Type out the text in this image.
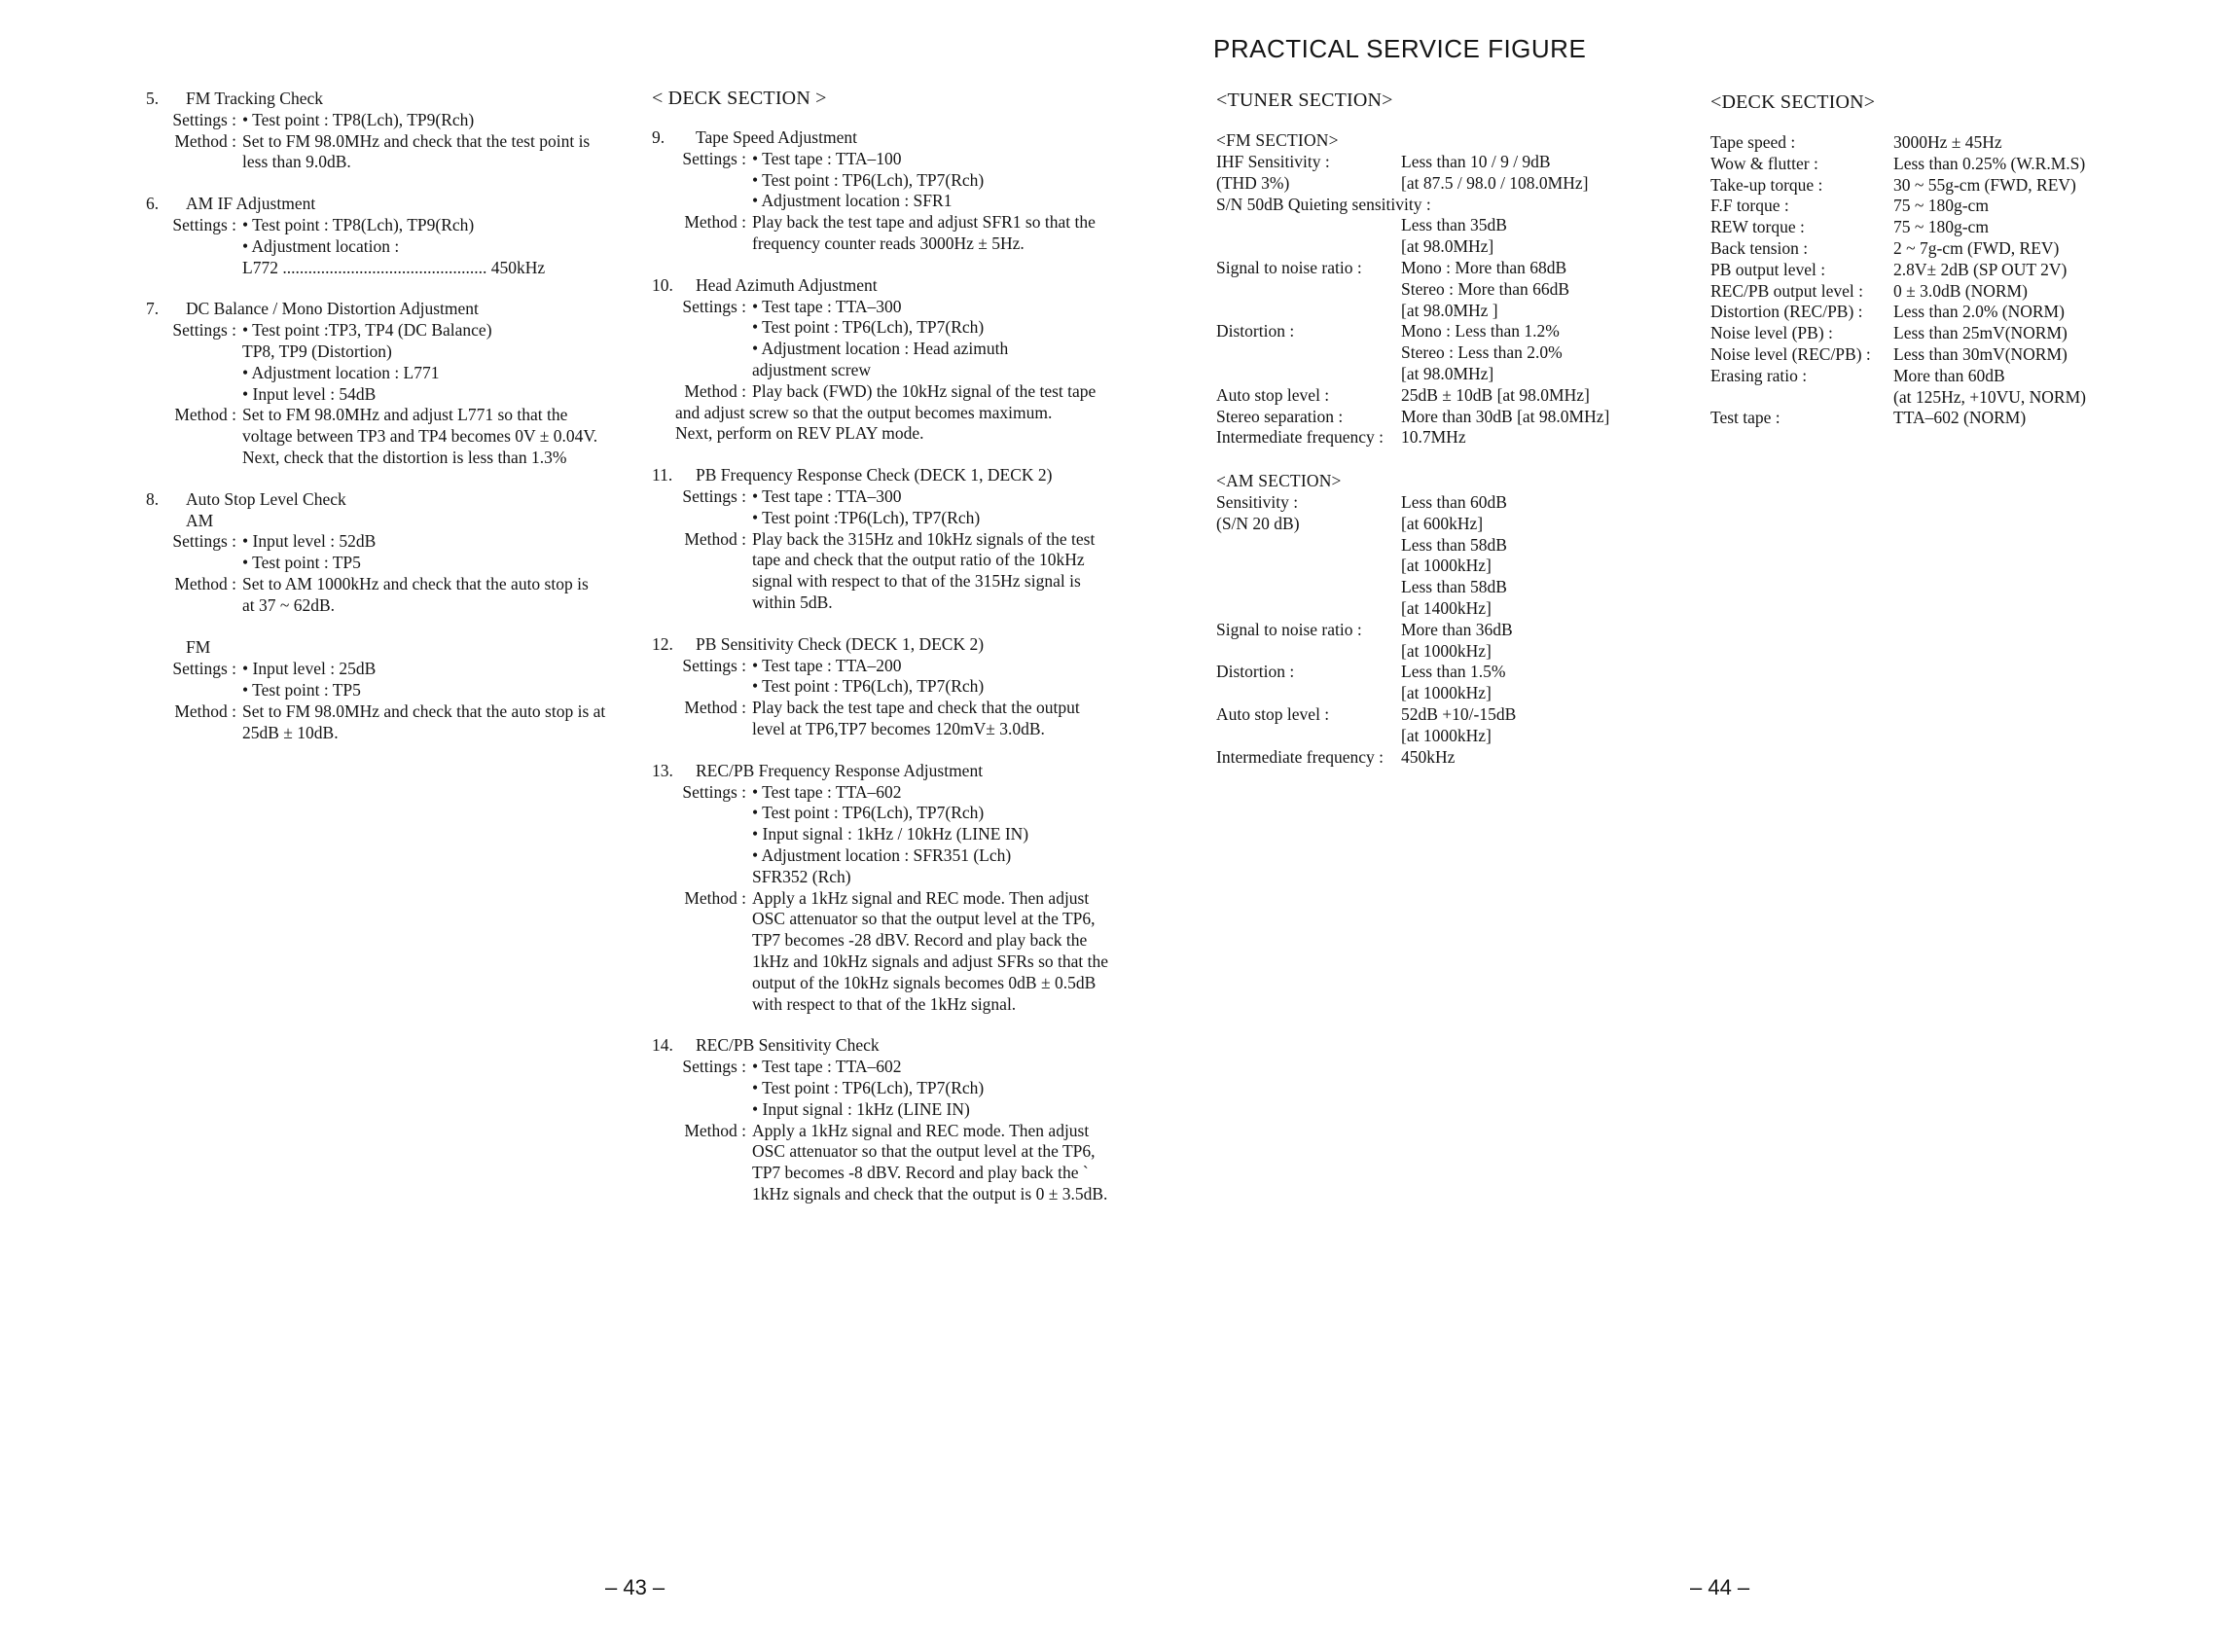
5. FM Tracking Check
Settings : • Test point : TP8(Lch), TP9(Rch)
Method : Set to FM 98.0MHz and check that the test point is
less than 9.0dB.
6. AM IF Adjustment
Settings : • Test point : TP8(Lch), TP9(Rch)
• Adjustment location :
L772 ................................................ 450kHz
7. DC Balance / Mono Distortion Adjustment
Settings : • Test point :TP3, TP4 (DC Balance)
TP8, TP9 (Distortion)
• Adjustment location : L771
• Input level : 54dB
Method : Set to FM 98.0MHz and adjust L771 so that the
voltage between TP3 and TP4 becomes 0V ± 0.04V.
Next, check that the distortion is less than 1.3%
8. Auto Stop Level Check
AM
Settings : • Input level : 52dB
• Test point : TP5
Method : Set to AM 1000kHz and check that the auto stop is
at 37 ~ 62dB.
FM
Settings : • Input level : 25dB
• Test point : TP5
Method : Set to FM 98.0MHz and check that the auto stop is at
25dB ± 10dB.
< DECK SECTION >
9. Tape Speed Adjustment
Settings : • Test tape : TTA–100
• Test point : TP6(Lch), TP7(Rch)
• Adjustment location : SFR1
Method : Play back the test tape and adjust SFR1 so that the
frequency counter reads 3000Hz ± 5Hz.
10. Head Azimuth Adjustment
Settings : • Test tape : TTA–300
• Test point : TP6(Lch), TP7(Rch)
• Adjustment location : Head azimuth
adjustment screw
Method : Play back (FWD) the 10kHz signal of the test tape
and adjust screw so that the output becomes maximum.
Next, perform on REV PLAY mode.
11. PB Frequency Response Check (DECK 1, DECK 2)
Settings : • Test tape : TTA–300
• Test point :TP6(Lch), TP7(Rch)
Method : Play back the 315Hz and 10kHz signals of the test
tape and check that the output ratio of the 10kHz
signal with respect to that of the 315Hz signal is
within 5dB.
12. PB Sensitivity Check (DECK 1, DECK 2)
Settings : • Test tape : TTA–200
• Test point : TP6(Lch), TP7(Rch)
Method : Play back the test tape and check that the output
level at TP6,TP7 becomes 120mV± 3.0dB.
13. REC/PB Frequency Response Adjustment
Settings : • Test tape : TTA–602
• Test point : TP6(Lch), TP7(Rch)
• Input signal : 1kHz / 10kHz (LINE IN)
• Adjustment location : SFR351 (Lch)
SFR352 (Rch)
Method : Apply a 1kHz signal and REC mode. Then adjust
OSC attenuator so that the output level at the TP6,
TP7 becomes -28 dBV. Record and play back the
1kHz and 10kHz signals and adjust SFRs so that the
output of the 10kHz signals becomes 0dB ± 0.5dB
with respect to that of the 1kHz signal.
14. REC/PB Sensitivity Check
Settings : • Test tape : TTA–602
• Test point : TP6(Lch), TP7(Rch)
• Input signal : 1kHz (LINE IN)
Method : Apply a 1kHz signal and REC mode. Then adjust
OSC attenuator so that the output level at the TP6,
TP7 becomes -8 dBV. Record and play back the `
1kHz signals and check that the output is 0 ± 3.5dB.
PRACTICAL SERVICE FIGURE
<TUNER SECTION>
<FM SECTION>
IHF Sensitivity :	Less than 10 / 9 / 9dB
(THD 3%)	[at 87.5 / 98.0 / 108.0MHz]
S/N 50dB Quieting sensitivity :
Less than 35dB
[at 98.0MHz]
Signal to noise ratio : Mono : More than 68dB
Stereo : More than 66dB
[at 98.0MHz ]
Distortion :	Mono : Less than 1.2%
Stereo : Less than 2.0%
[at 98.0MHz]
Auto stop level :	25dB ± 10dB [at 98.0MHz]
Stereo separation :	More than 30dB [at 98.0MHz]
Intermediate frequency : 10.7MHz
<AM SECTION>
Sensitivity :	Less than 60dB
(S/N 20 dB)	[at 600kHz]
Less than 58dB
[at 1000kHz]
Less than 58dB
[at 1400kHz]
Signal to noise ratio : More than 36dB
[at 1000kHz]
Distortion :	Less than 1.5%
[at 1000kHz]
Auto stop level :	52dB +10/-15dB
[at 1000kHz]
Intermediate frequency : 450kHz
<DECK SECTION>
Tape speed :	3000Hz ± 45Hz
Wow & flutter :	Less than 0.25% (W.R.M.S)
Take-up torque :	30 ~ 55g-cm (FWD, REV)
F.F torque :	75 ~ 180g-cm
REW torque :	75 ~ 180g-cm
Back tension :	2 ~ 7g-cm (FWD, REV)
PB output level :	2.8V± 2dB (SP OUT 2V)
REC/PB output level : 0 ± 3.0dB (NORM)
Distortion (REC/PB) : Less than 2.0% (NORM)
Noise level (PB) :	Less than 25mV(NORM)
Noise level (REC/PB) : Less than 30mV(NORM)
Erasing ratio :	More than 60dB
(at 125Hz, +10VU, NORM)
Test tape :	TTA–602 (NORM)
– 43 –	– 44 –
